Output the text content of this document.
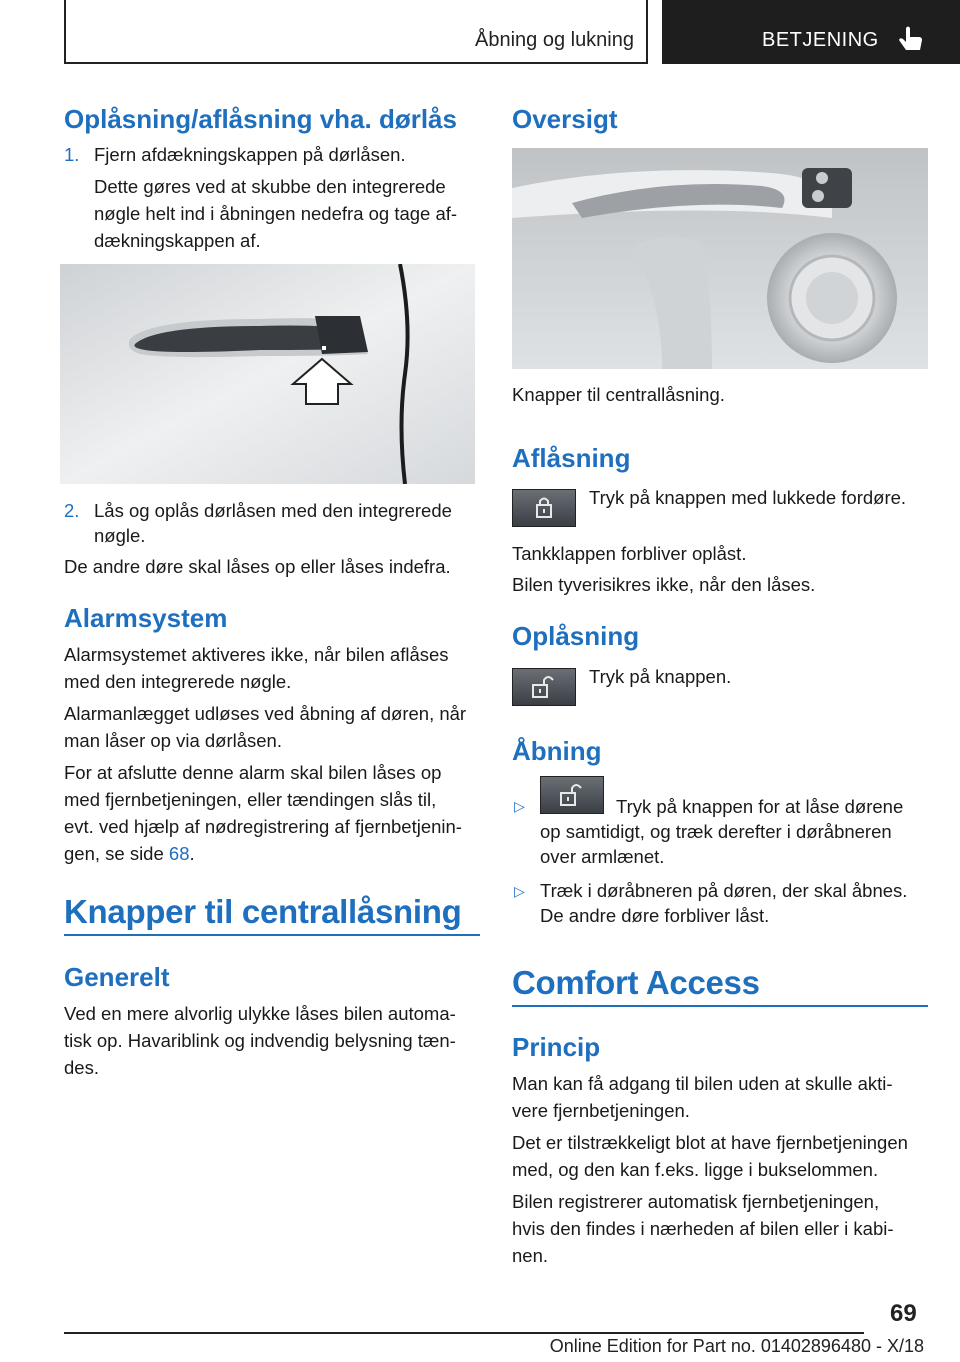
Åbning og lukning	BETJENING
Oplåsning/aflåsning vha. dørlås

1. Fjern afdækningskappen på dørlåsen.

Dette gøres ved at skubbe den integrerede

nøgle helt ind i åbningen nedefra og tage af-

dækningskappen af.

2. Lås og oplås dørlåsen med den integrerede

nøgle.

De andre døre skal låses op eller låses indefra.

Alarmsystem

Alarmsystemet aktiveres ikke, når bilen aflåses

med den integrerede nøgle.

Alarmanlægget udløses ved åbning af døren, når

man låser op via dørlåsen.

For at afslutte denne alarm skal bilen låses op

med fjernbetjeningen, eller tændingen slås til,

evt. ved hjælp af nødregistrering af fjernbetjenin-

gen, se side 68.

Knapper til centrallåsning
Generelt

Ved en mere alvorlig ulykke låses bilen automa-

tisk op. Havariblink og indvendig belysning tæn-

des.

Oversigt

Knapper til centrallåsning.

Aflåsning

Tryk på knappen med lukkede fordøre.

Tankklappen forbliver oplåst.

Bilen tyverisikres ikke, når den låses.

Oplåsning

Tryk på knappen.

Åbning
▷	Tryk på knappen for at låse dørene

op samtidigt, og træk derefter i døråbneren

over armlænet.

▷ Træk i døråbneren på døren, der skal åbnes.

De andre døre forbliver låst.

Comfort Access
Princip

Man kan få adgang til bilen uden at skulle akti-

vere fjernbetjeningen.

Det er tilstrækkeligt blot at have fjernbetjeningen

med, og den kan f.eks. ligge i bukselommen.

Bilen registrerer automatisk fjernbetjeningen,

hvis den findes i nærheden af bilen eller i kabi-

nen.

69
Online Edition for Part no. 01402896480 - X/18
